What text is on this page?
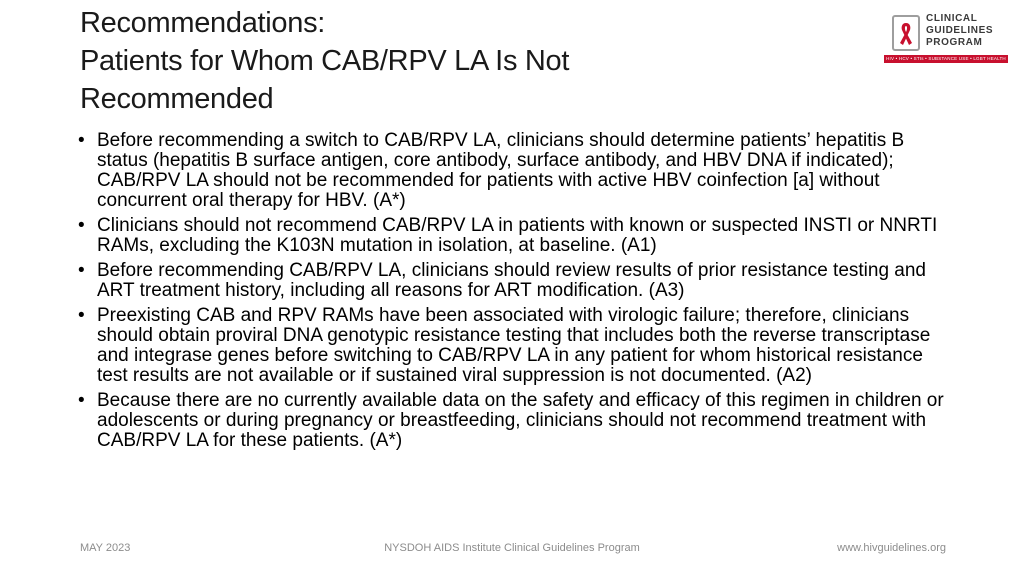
Recommendations:
Patients for Whom CAB/RPV LA Is Not
Recommended
CLINICAL
GUIDELINES
PROGRAM
HIV • HCV • STIs • SUBSTANCE USE • LGBT HEALTH
• Before recommending a switch to CAB/RPV LA, clinicians should determine patients’ hepatitis B status (hepatitis B surface antigen, core antibody, surface antibody, and HBV DNA if indicated); CAB/RPV LA should not be recommended for patients with active HBV coinfection [a] without concurrent oral therapy for HBV. (A*)
• Clinicians should not recommend CAB/RPV LA in patients with known or suspected INSTI or NNRTI RAMs, excluding the K103N mutation in isolation, at baseline. (A1)
• Before recommending CAB/RPV LA, clinicians should review results of prior resistance testing and ART treatment history, including all reasons for ART modification. (A3)
• Preexisting CAB and RPV RAMs have been associated with virologic failure; therefore, clinicians should obtain proviral DNA genotypic resistance testing that includes both the reverse transcriptase and integrase genes before switching to CAB/RPV LA in any patient for whom historical resistance test results are not available or if sustained viral suppression is not documented. (A2)
• Because there are no currently available data on the safety and efficacy of this regimen in children or adolescents or during pregnancy or breastfeeding, clinicians should not recommend treatment with CAB/RPV LA for these patients. (A*)
MAY 2023	NYSDOH AIDS Institute Clinical Guidelines Program	www.hivguidelines.org
